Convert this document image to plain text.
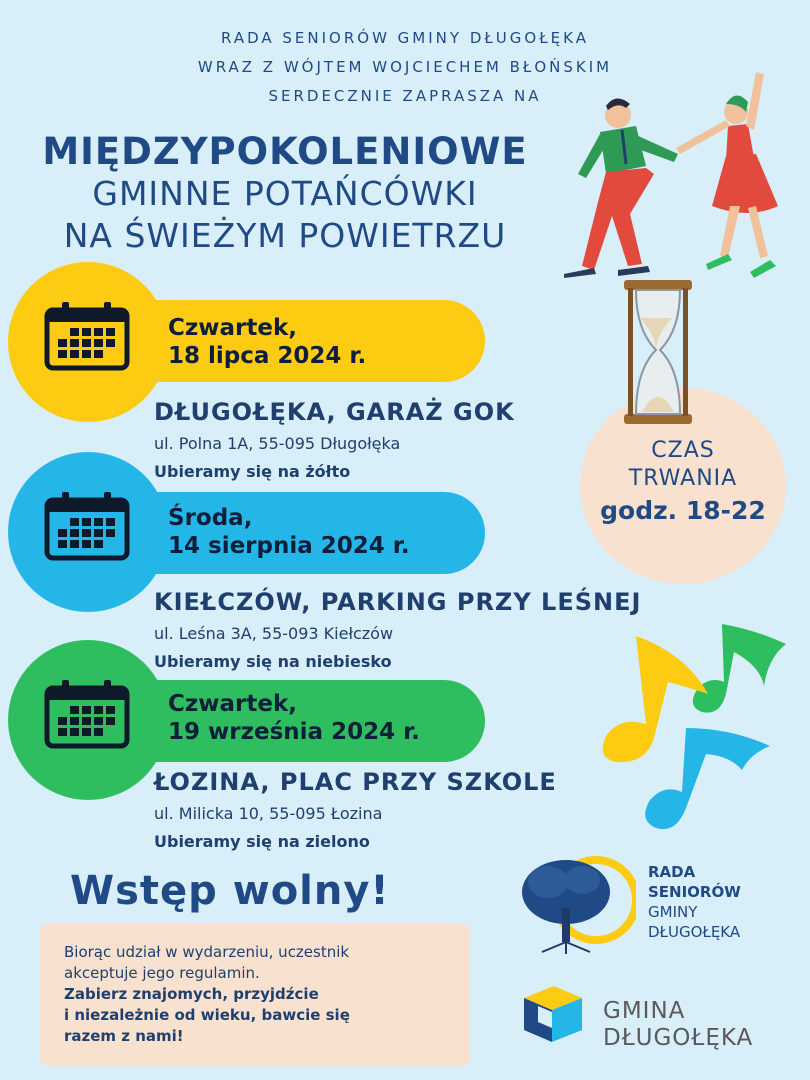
RADA SENIORÓW GMINY DŁUGOŁĘKA
WRAZ Z WÓJTEM WOJCIECHEM BŁOŃSKIM
SERDECZNIE ZAPRASZA NA
MIĘDZYPOKOLENIOWE
GMINNE POTAŃCÓWKI
NA ŚWIEŻYM POWIETRZU
Czwartek,
18 lipca 2024 r.
DŁUGOŁĘKA, GARAŻ GOK
ul. Polna 1A, 55-095 Długołęka
Ubieramy się na żółto
Środa,
14 sierpnia 2024 r.
KIEŁCZÓW, PARKING PRZY LEŚNEJ
ul. Leśna 3A, 55-093 Kiełczów
Ubieramy się na niebiesko
Czwartek,
19 września 2024 r.
ŁOZINA, PLAC PRZY SZKOLE
ul. Milicka 10, 55-095 Łozina
Ubieramy się na zielono
CZAS
TRWANIA
godz. 18-22
Wstęp wolny!
Biorąc udział w wydarzeniu, uczestnik
akceptuje jego regulamin.
Zabierz znajomych, przyjdźcie
i niezależnie od wieku, bawcie się
razem z nami!
RADA
SENIORÓW
GMINY
DŁUGOŁĘKA
GMINA
DŁUGOŁĘKA
